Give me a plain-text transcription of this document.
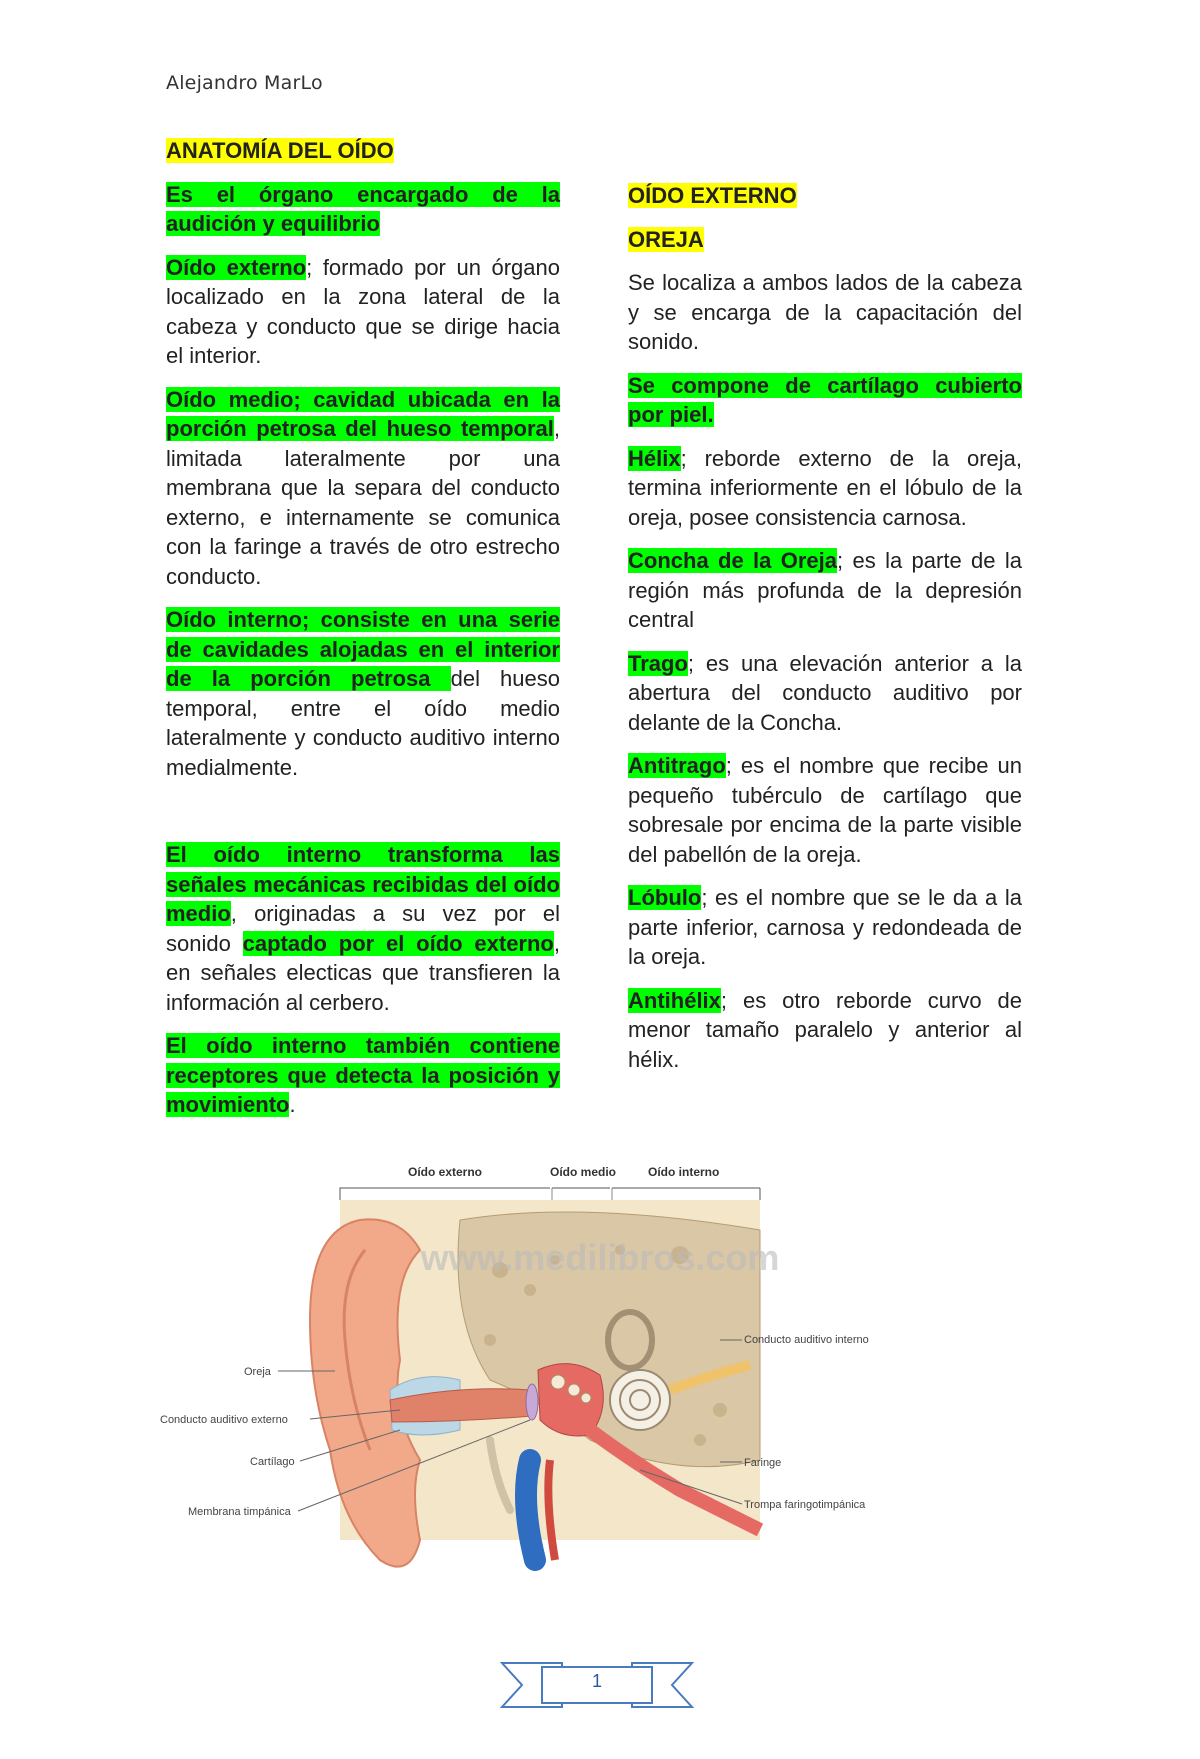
Alejandro MarLo

ANATOMÍA DEL OÍDO

Es el órgano encargado de la audición y equilibrio

Oído externo; formado por un órgano localizado en la zona lateral de la cabeza y conducto que se dirige hacia el interior.

Oído medio; cavidad ubicada en la porción petrosa del hueso temporal, limitada lateralmente por una membrana que la separa del conducto externo, e internamente se comunica con la faringe a través de otro estrecho conducto.

Oído interno; consiste en una serie de cavidades alojadas en el interior de la porción petrosa del hueso temporal, entre el oído medio lateralmente y conducto auditivo interno medialmente.

El oído interno transforma las señales mecánicas recibidas del oído medio, originadas a su vez por el sonido captado por el oído externo, en señales electicas que transfieren la información al cerbero.

El oído interno también contiene receptores que detecta la posición y movimiento.

OÍDO EXTERNO

OREJA

Se localiza a ambos lados de la cabeza y se encarga de la capacitación del sonido.

Se compone de cartílago cubierto por piel.

Hélix; reborde externo de la oreja, termina inferiormente en el lóbulo de la oreja, posee consistencia carnosa.

Concha de la Oreja; es la parte de la región más profunda de la depresión central

Trago; es una elevación anterior a la abertura del conducto auditivo por delante de la Concha.

Antitrago; es el nombre que recibe un pequeño tubérculo de cartílago que sobresale por encima de la parte visible del pabellón de la oreja.

Lóbulo; es el nombre que se le da a la parte inferior, carnosa y redondeada de la oreja.

Antihélix; es otro reborde curvo de menor tamaño paralelo y anterior al hélix.

Oído externo	Oído medio	Oído interno
www.medilibros.com
Oreja
Conducto auditivo externo
Cartílago
Membrana timpánica
Conducto auditivo interno
Faringe
Trompa faringotimpánica
1
